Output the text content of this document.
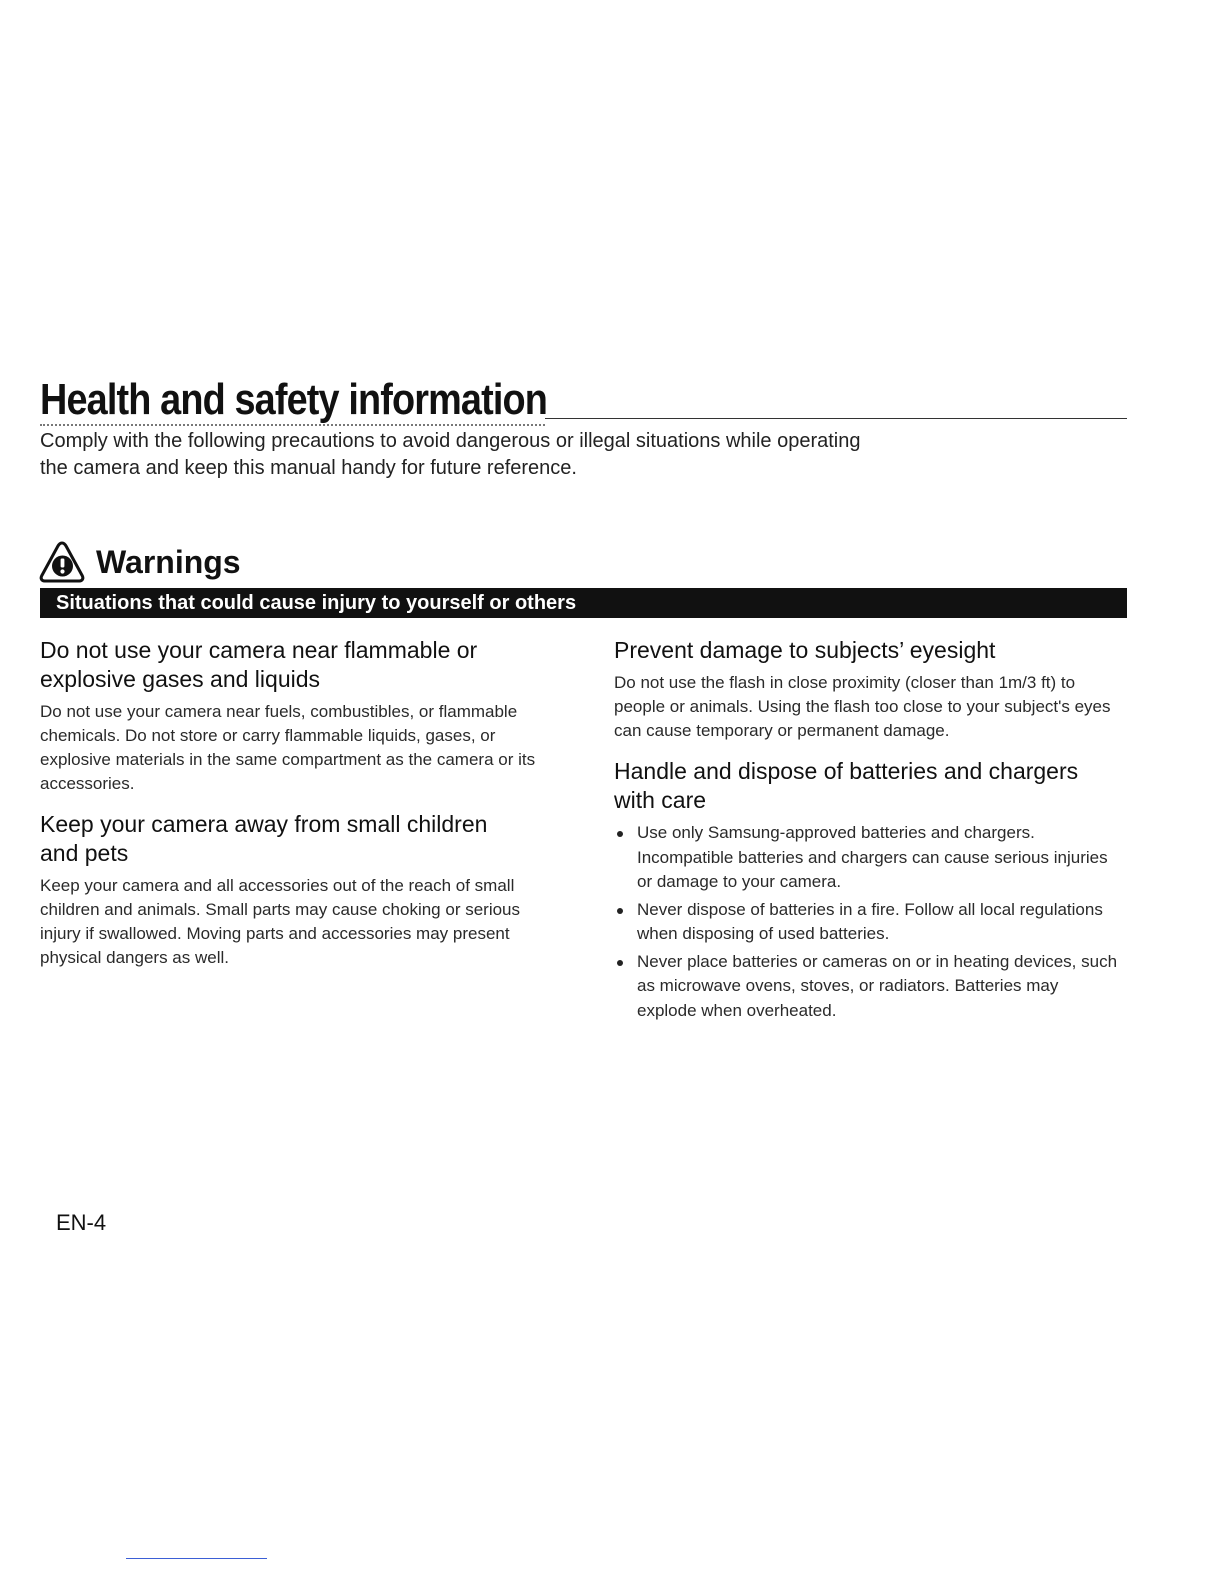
Health and safety information

Comply with the following precautions to avoid dangerous or illegal situations while operating
the camera and keep this manual handy for future reference.

Warnings
Situations that could cause injury to yourself or others
Do not use your camera near flammable or
explosive gases and liquids

Do not use your camera near fuels, combustibles, or flammable chemicals. Do not store or carry flammable liquids, gases, or explosive materials in the same compartment as the camera or its accessories.

Keep your camera away from small children
and pets

Keep your camera and all accessories out of the reach of small children and animals. Small parts may cause choking or serious injury if swallowed. Moving parts and accessories may present physical dangers as well.

Prevent damage to subjects’ eyesight

Do not use the flash in close proximity (closer than 1m/3 ft) to people or animals. Using the flash too close to your subject's eyes can cause temporary or permanent damage.

Handle and dispose of batteries and chargers
with care
Use only Samsung-approved batteries and chargers. Incompatible batteries and chargers can cause serious injuries or damage to your camera.
Never dispose of batteries in a fire. Follow all local regulations when disposing of used batteries.
Never place batteries or cameras on or in heating devices, such as microwave ovens, stoves, or radiators. Batteries may explode when overheated.
EN-4
